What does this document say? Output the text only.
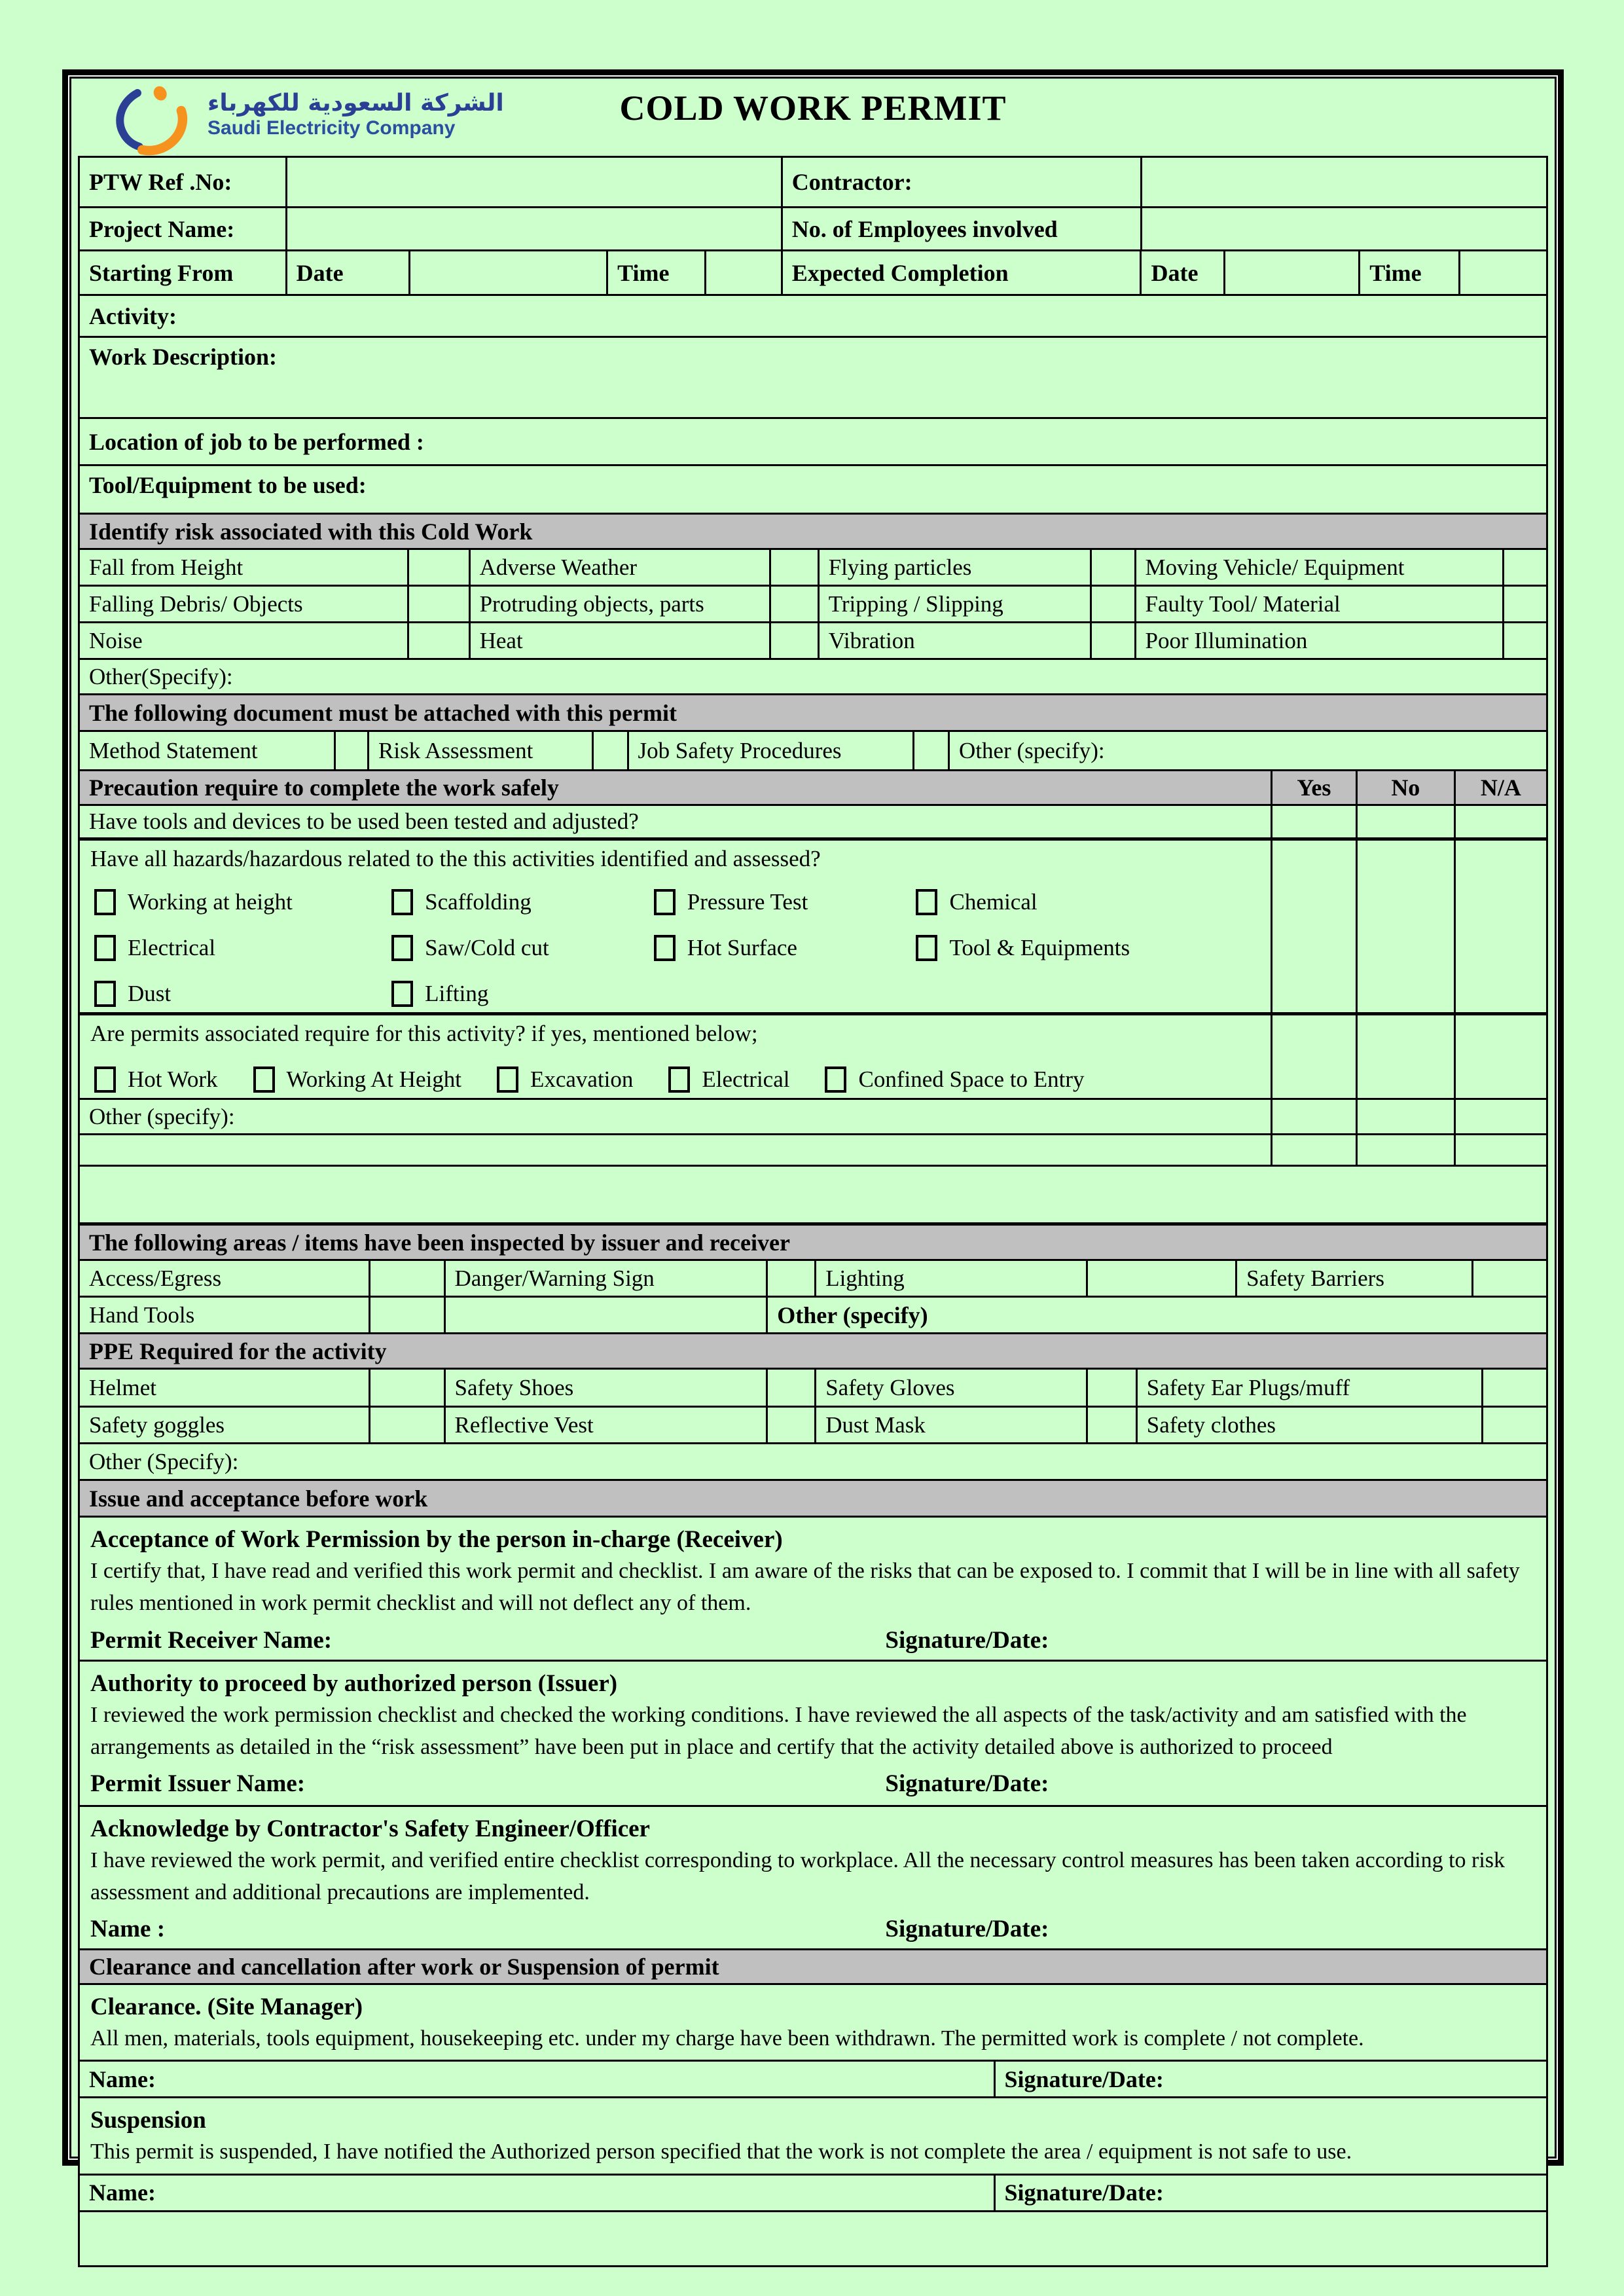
الشركة السعودية للكهرباء
Saudi Electricity Company
COLD WORK PERMIT
PTW Ref .No:	Contractor:
Project Name:	No. of Employees involved
Starting From	Date	Time	Expected Completion	Date	Time
Activity:
Work Description:
Location of job to be performed :
Tool/Equipment to be used:
Identify risk associated with this Cold Work
Fall from Height	Adverse Weather	Flying particles	Moving Vehicle/ Equipment
Falling Debris/ Objects	Protruding objects, parts	Tripping / Slipping	Faulty Tool/ Material
Noise	Heat	Vibration	Poor Illumination
Other(Specify):
The following document must be attached with this permit
Method Statement	Risk Assessment	Job Safety Procedures	Other (specify):
Precaution require to complete the work safely	Yes	No	N/A
Have tools and devices to be used been tested and adjusted?
Have all hazards/hazardous related to the this activities identified and assessed?
Working at height	Scaffolding	Pressure Test	Chemical
Electrical	Saw/Cold cut	Hot Surface	Tool & Equipments
Dust	Lifting
Are permits associated require for this activity? if yes, mentioned below;
Hot Work	Working At Height	Excavation	Electrical	Confined Space to Entry
Other (specify):
The following areas / items have been inspected by issuer and receiver
Access/Egress	Danger/Warning Sign	Lighting	Safety Barriers
Hand Tools	Other (specify)
PPE Required for the activity
Helmet	Safety Shoes	Safety Gloves	Safety Ear Plugs/muff
Safety goggles	Reflective Vest	Dust Mask	Safety clothes
Other (Specify):
Issue and acceptance before work
Acceptance of Work Permission by the person in-charge (Receiver)
I certify that, I have read and verified this work permit and checklist. I am aware of the risks that can be exposed to. I commit that I will be in line with all safety rules mentioned in work permit checklist and will not deflect any of them.
Permit Receiver Name:	Signature/Date:
Authority to proceed by authorized person (Issuer)
I reviewed the work permission checklist and checked the working conditions. I have reviewed the all aspects of the task/activity and am satisfied with the arrangements as detailed in the “risk assessment” have been put in place and certify that the activity detailed above is authorized to proceed
Permit Issuer Name:	Signature/Date:
Acknowledge by Contractor's Safety Engineer/Officer
I have reviewed the work permit, and verified entire checklist corresponding to workplace. All the necessary control measures has been taken according to risk assessment and additional precautions are implemented.
Name :	Signature/Date:
Clearance and cancellation after work or Suspension of permit
Clearance. (Site Manager)
All men, materials, tools equipment, housekeeping etc. under my charge have been withdrawn. The permitted work is complete / not complete.
Name:	Signature/Date:
Suspension
This permit is suspended, I have notified the Authorized person specified that the work is not complete the area / equipment is not safe to use.
Name:	Signature/Date:
